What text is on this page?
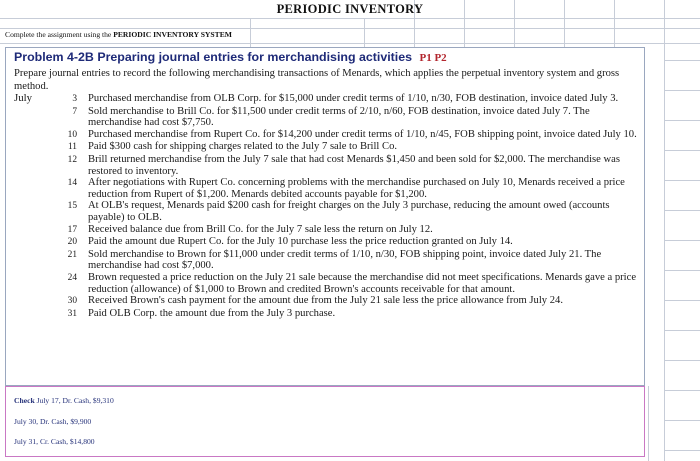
PERIODIC INVENTORY
Complete the assignment using the PERIODIC INVENTORY SYSTEM
Problem 4-2B Preparing journal entries for merchandising activities P1 P2
Prepare journal entries to record the following merchandising transactions of Menards, which applies the perpetual inventory system and gross method.
July	3	Purchased merchandise from OLB Corp. for $15,000 under credit terms of 1/10, n/30, FOB destination, invoice dated July 3.
7	Sold merchandise to Brill Co. for $11,500 under credit terms of 2/10, n/60, FOB destination, invoice dated July 7. The merchandise had cost $7,750.
10	Purchased merchandise from Rupert Co. for $14,200 under credit terms of 1/10, n/45, FOB shipping point, invoice dated July 10.
11	Paid $300 cash for shipping charges related to the July 7 sale to Brill Co.
12	Brill returned merchandise from the July 7 sale that had cost Menards $1,450 and been sold for $2,000. The merchandise was restored to inventory.
14	After negotiations with Rupert Co. concerning problems with the merchandise purchased on July 10, Menards received a price reduction from Rupert of $1,200. Menards debited accounts payable for $1,200.
15	At OLB's request, Menards paid $200 cash for freight charges on the July 3 purchase, reducing the amount owed (accounts payable) to OLB.
17	Received balance due from Brill Co. for the July 7 sale less the return on July 12.
20	Paid the amount due Rupert Co. for the July 10 purchase less the price reduction granted on July 14.
21	Sold merchandise to Brown for $11,000 under credit terms of 1/10, n/30, FOB shipping point, invoice dated July 21. The merchandise had cost $7,000.
24	Brown requested a price reduction on the July 21 sale because the merchandise did not meet specifications. Menards gave a price reduction (allowance) of $1,000 to Brown and credited Brown's accounts receivable for that amount.
30	Received Brown's cash payment for the amount due from the July 21 sale less the price allowance from July 24.
31	Paid OLB Corp. the amount due from the July 3 purchase.
Check July 17, Dr. Cash, $9,310
July 30, Dr. Cash, $9,900
July 31, Cr. Cash, $14,800
